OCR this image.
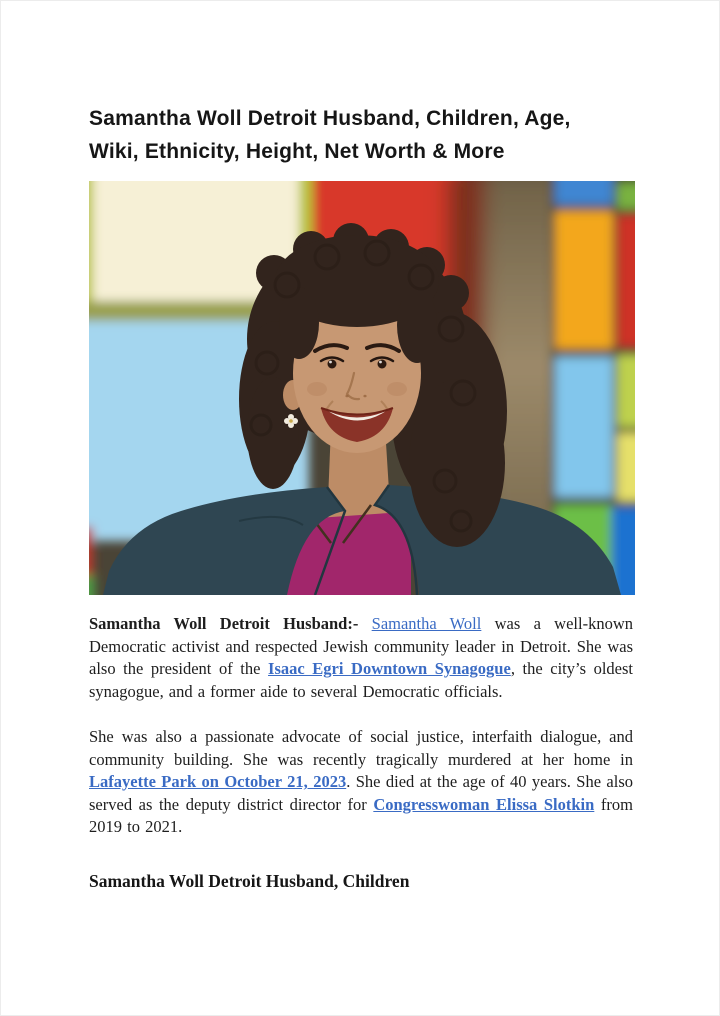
Samantha Woll Detroit Husband, Children, Age,
Wiki, Ethnicity, Height, Net Worth & More

Samantha Woll Detroit Husband:- Samantha Woll was a well-known Democratic activist and respected Jewish community leader in Detroit. She was also the president of the Isaac Egri Downtown Synagogue, the city’s oldest synagogue, and a former aide to several Democratic officials.

She was also a passionate advocate of social justice, interfaith dialogue, and community building. She was recently tragically murdered at her home in Lafayette Park on October 21, 2023. She died at the age of 40 years. She also served as the deputy district director for Congresswoman Elissa Slotkin from 2019 to 2021.

Samantha Woll Detroit Husband, Children
